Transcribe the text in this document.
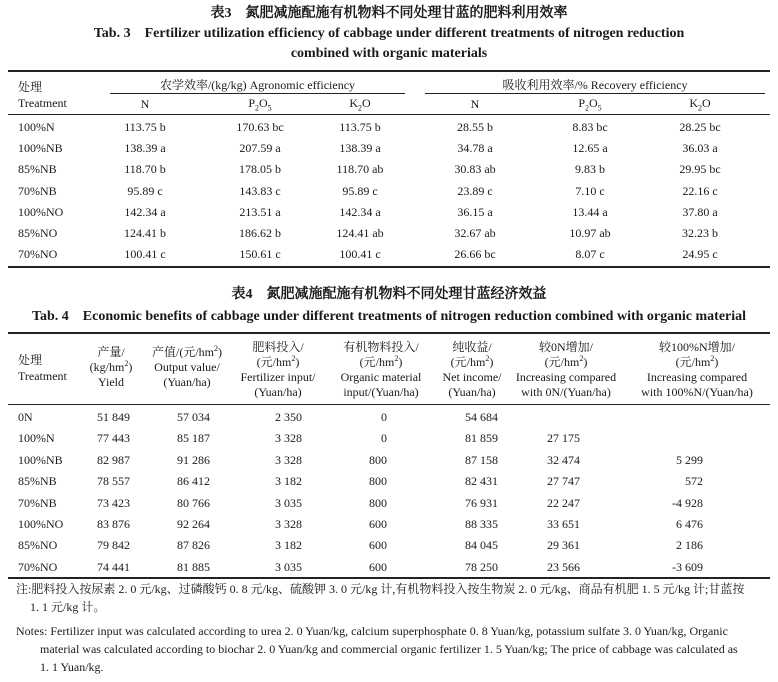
表3　氮肥减施配施有机物料不同处理甘蓝的肥料利用效率
Tab. 3　Fertilizer utilization efficiency of cabbage under different treatments of nitrogen reduction
combined with organic materials
处理
Treatment
农学效率/(kg/kg) Agronomic efficiency	吸收利用效率/% Recovery efficiency
N	$P_2O_5$	$K_2O$	N	$P_2O_5$	$K_2O$
100%N	113.75 b	170.63 bc	113.75 b	28.55 b	8.83 bc	28.25 bc
100%NB	138.39 a	207.59 a	138.39 a	34.78 a	12.65 a	36.03 a
85%NB	118.70 b	178.05 b	118.70 ab	30.83 ab	9.83 b	29.95 bc
70%NB	95.89 c	143.83 c	95.89 c	23.89 c	7.10 c	22.16 c
100%NO	142.34 a	213.51 a	142.34 a	36.15 a	13.44 a	37.80 a
85%NO	124.41 b	186.62 b	124.41 ab	32.67 ab	10.97 ab	32.23 b
70%NO	100.41 c	150.61 c	100.41 c	26.66 bc	8.07 c	24.95 c
表4　氮肥减施配施有机物料不同处理甘蓝经济效益
Tab. 4　Economic benefits of cabbage under different treatments of nitrogen reduction combined with organic material
处理
Treatment
产量/
$(kg/hm^2)$
Yield
产值/(元$/hm^2$)
Output value/
(Yuan/ha)
肥料投入/
(元$/hm^2$)
Fertilizer input/
(Yuan/ha)
有机物料投入/
(元$/hm^2$)
Organic material
input/(Yuan/ha)
纯收益/
(元$/hm^2$)
Net income/
(Yuan/ha)
较0N增加/
(元$/hm^2$)
Increasing compared
with 0N/(Yuan/ha)
较100%N增加/
(元$/hm^2$)
Increasing compared
with 100%N/(Yuan/ha)
0N	51 849	57 034	2 350	0	54 684
100%N	77 443	85 187	3 328	0	81 859	27 175
100%NB	82 987	91 286	3 328	800	87 158	32 474	5 299
85%NB	78 557	86 412	3 182	800	82 431	27 747	572
70%NB	73 423	80 766	3 035	800	76 931	22 247	-4 928
100%NO	83 876	92 264	3 328	600	88 335	33 651	6 476
85%NO	79 842	87 826	3 182	600	84 045	29 361	2 186
70%NO	74 441	81 885	3 035	600	78 250	23 566	-3 609
注:肥料投入按尿素 2. 0 元/kg、过磷酸钙 0. 8 元/kg、硫酸钾 3. 0 元/kg 计,有机物料投入按生物炭 2. 0 元/kg、商品有机肥 1. 5 元/kg 计;甘蓝按
1. 1 元/kg 计。
Notes: Fertilizer input was calculated according to urea 2. 0 Yuan/kg, calcium superphosphate 0. 8 Yuan/kg, potassium sulfate 3. 0 Yuan/kg, Organic
material was calculated according to biochar 2. 0 Yuan/kg and commercial organic fertilizer 1. 5 Yuan/kg; The price of cabbage was calculated as
1. 1 Yuan/kg.
